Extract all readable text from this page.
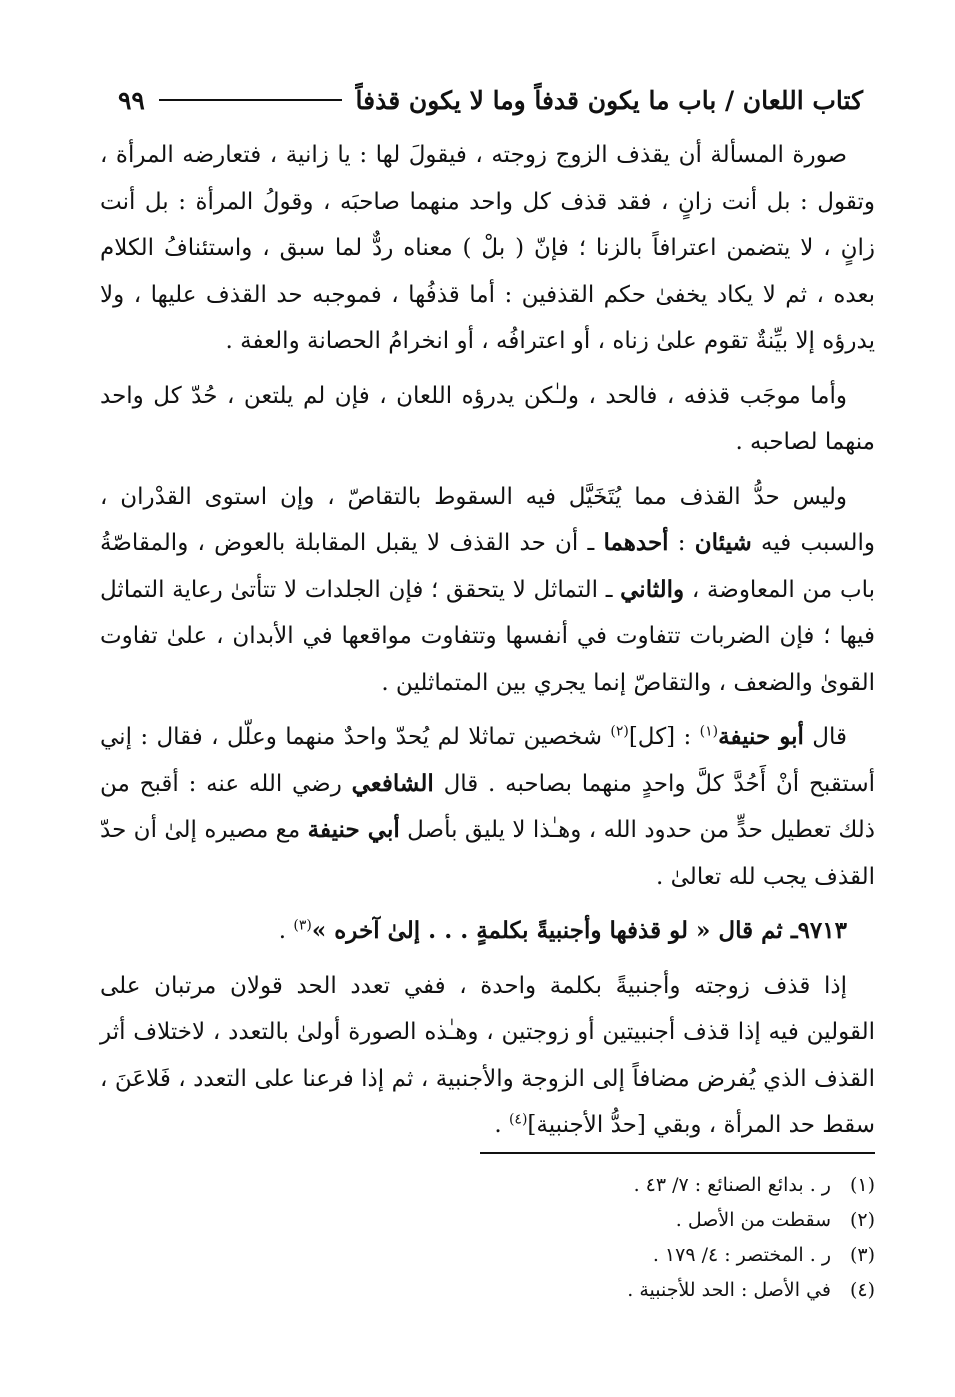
كتاب اللعان / باب ما يكون قدفاً وما لا يكون قذفاً
٩٩

صورة المسألة أن يقذف الزوج زوجته ، فيقولَ لها : يا زانية ، فتعارضه المرأة ، وتقول : بل أنت زانٍ ، فقد قذف كل واحد منهما صاحبَه ، وقولُ المرأة : بل أنت زانٍ ، لا يتضمن اعترافاً بالزنا ؛ فإنّ ( بلْ ) معناه ردٌّ لما سبق ، واستئنافُ الكلام بعده ، ثم لا يكاد يخفىٰ حكم القذفين : أما قذفُها ، فموجبه حد القذف عليها ، ولا يدرؤه إلا بيِّنةٌ تقوم علىٰ زناه ، أو اعترافُه ، أو انخرامُ الحصانة والعفة .

وأما موجَب قذفه ، فالحد ، ولـٰكن يدرؤه اللعان ، فإن لم يلتعن ، حُدّ كل واحد منهما لصاحبه .

وليس حدُّ القذف مما يُتَخَيَّل فيه السقوط بالتقاصّ ، وإن استوى القدْران ، والسبب فيه شيئان : أحدهما ـ أن حد القذف لا يقبل المقابلة بالعوض ، والمقاصّةُ باب من المعاوضة ، والثاني ـ التماثل لا يتحقق ؛ فإن الجلدات لا تتأتىٰ رعاية التماثل فيها ؛ فإن الضربات تتفاوت في أنفسها وتتفاوت مواقعها في الأبدان ، علىٰ تفاوت القوىٰ والضعف ، والتقاصّ إنما يجري بين المتماثلين .

قال أبو حنيفة$^{(١)}$ : [كل]$^{(٢)}$ شخصين تماثلا لم يُحدّ واحدٌ منهما وعلّل ، فقال : إني أستقبح أنْ أَحُدَّ كلَّ واحدٍ منهما بصاحبه . قال الشافعي رضي الله عنه : أقبح من ذلك تعطيل حدٍّ من حدود الله ، وهـٰذا لا يليق بأصل أبي حنيفة مع مصيره إلىٰ أن حدّ القذف يجب لله تعالىٰ .

٩٧١٣ـ ثم قال « لو قذفها وأجنبيةً بكلمةٍ . . . إلىٰ آخره »$^{(٣)}$ .

إذا قذف زوجته وأجنبيةً بكلمة واحدة ، ففي تعدد الحد قولان مرتبان على القولين فيه إذا قذف أجنبيتين أو زوجتين ، وهـٰذه الصورة أولىٰ بالتعدد ، لاختلاف أثر القذف الذي يُفرض مضافاً إلى الزوجة والأجنبية ، ثم إذا فرعنا على التعدد ، فَلاعَنَ ، سقط حد المرأة ، وبقي [حدُّ الأجنبية]$^{(٤)}$ .

(١)
ر . بدائع الصنائع : ٧/ ٤٣ .
(٢)
سقطت من الأصل .
(٣)
ر . المختصر : ٤/ ١٧٩ .
(٤)
في الأصل : الحد للأجنبية .
